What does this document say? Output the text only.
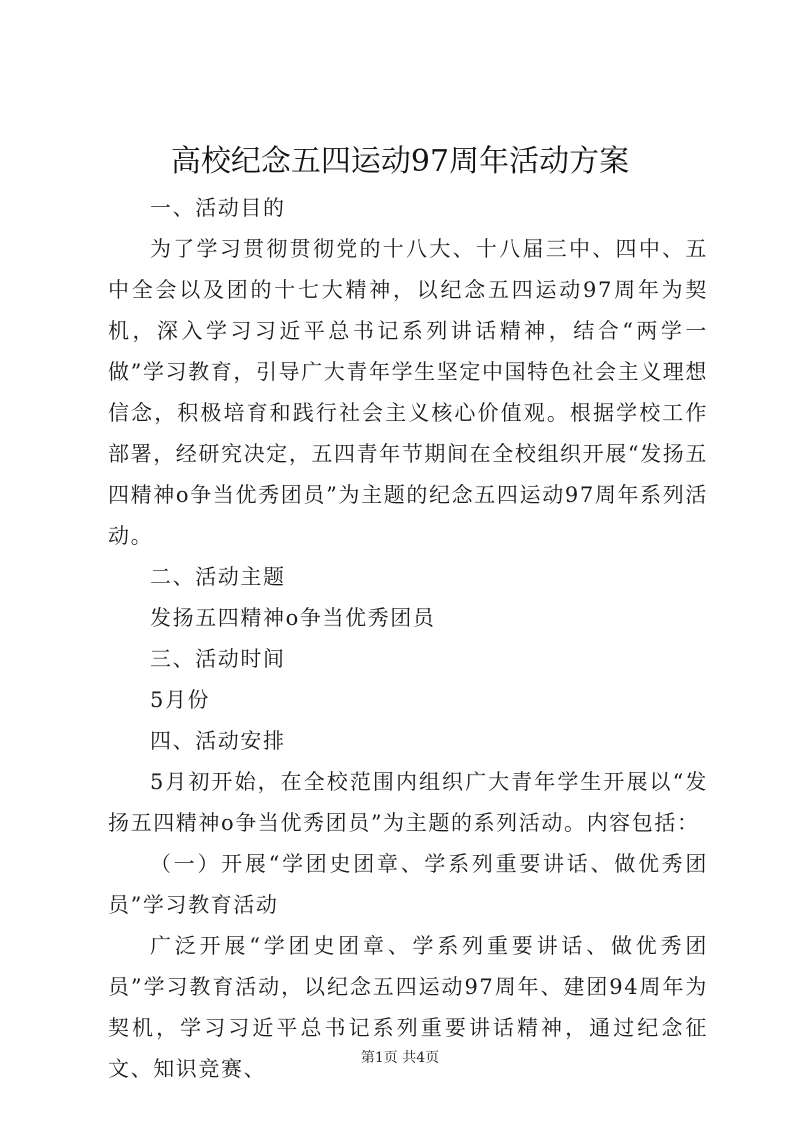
高校纪念五四运动97周年活动方案

一、活动目的

为了学习贯彻贯彻党的十八大、十八届三中、四中、五中全会以及团的十七大精神，以纪念五四运动97周年为契机，深入学习习近平总书记系列讲话精神，结合“两学一做”学习教育，引导广大青年学生坚定中国特色社会主义理想信念，积极培育和践行社会主义核心价值观。根据学校工作部署，经研究决定，五四青年节期间在全校组织开展“发扬五四精神o争当优秀团员”为主题的纪念五四运动97周年系列活动。

二、活动主题

发扬五四精神o争当优秀团员

三、活动时间

5月份

四、活动安排

5月初开始，在全校范围内组织广大青年学生开展以“发扬五四精神o争当优秀团员”为主题的系列活动。内容包括：

（一）开展“学团史团章、学系列重要讲话、做优秀团员”学习教育活动

广泛开展“学团史团章、学系列重要讲话、做优秀团员”学习教育活动，以纪念五四运动97周年、建团94周年为契机，学习习近平总书记系列重要讲话精神，通过纪念征文、知识竞赛、	第1页 共4页
